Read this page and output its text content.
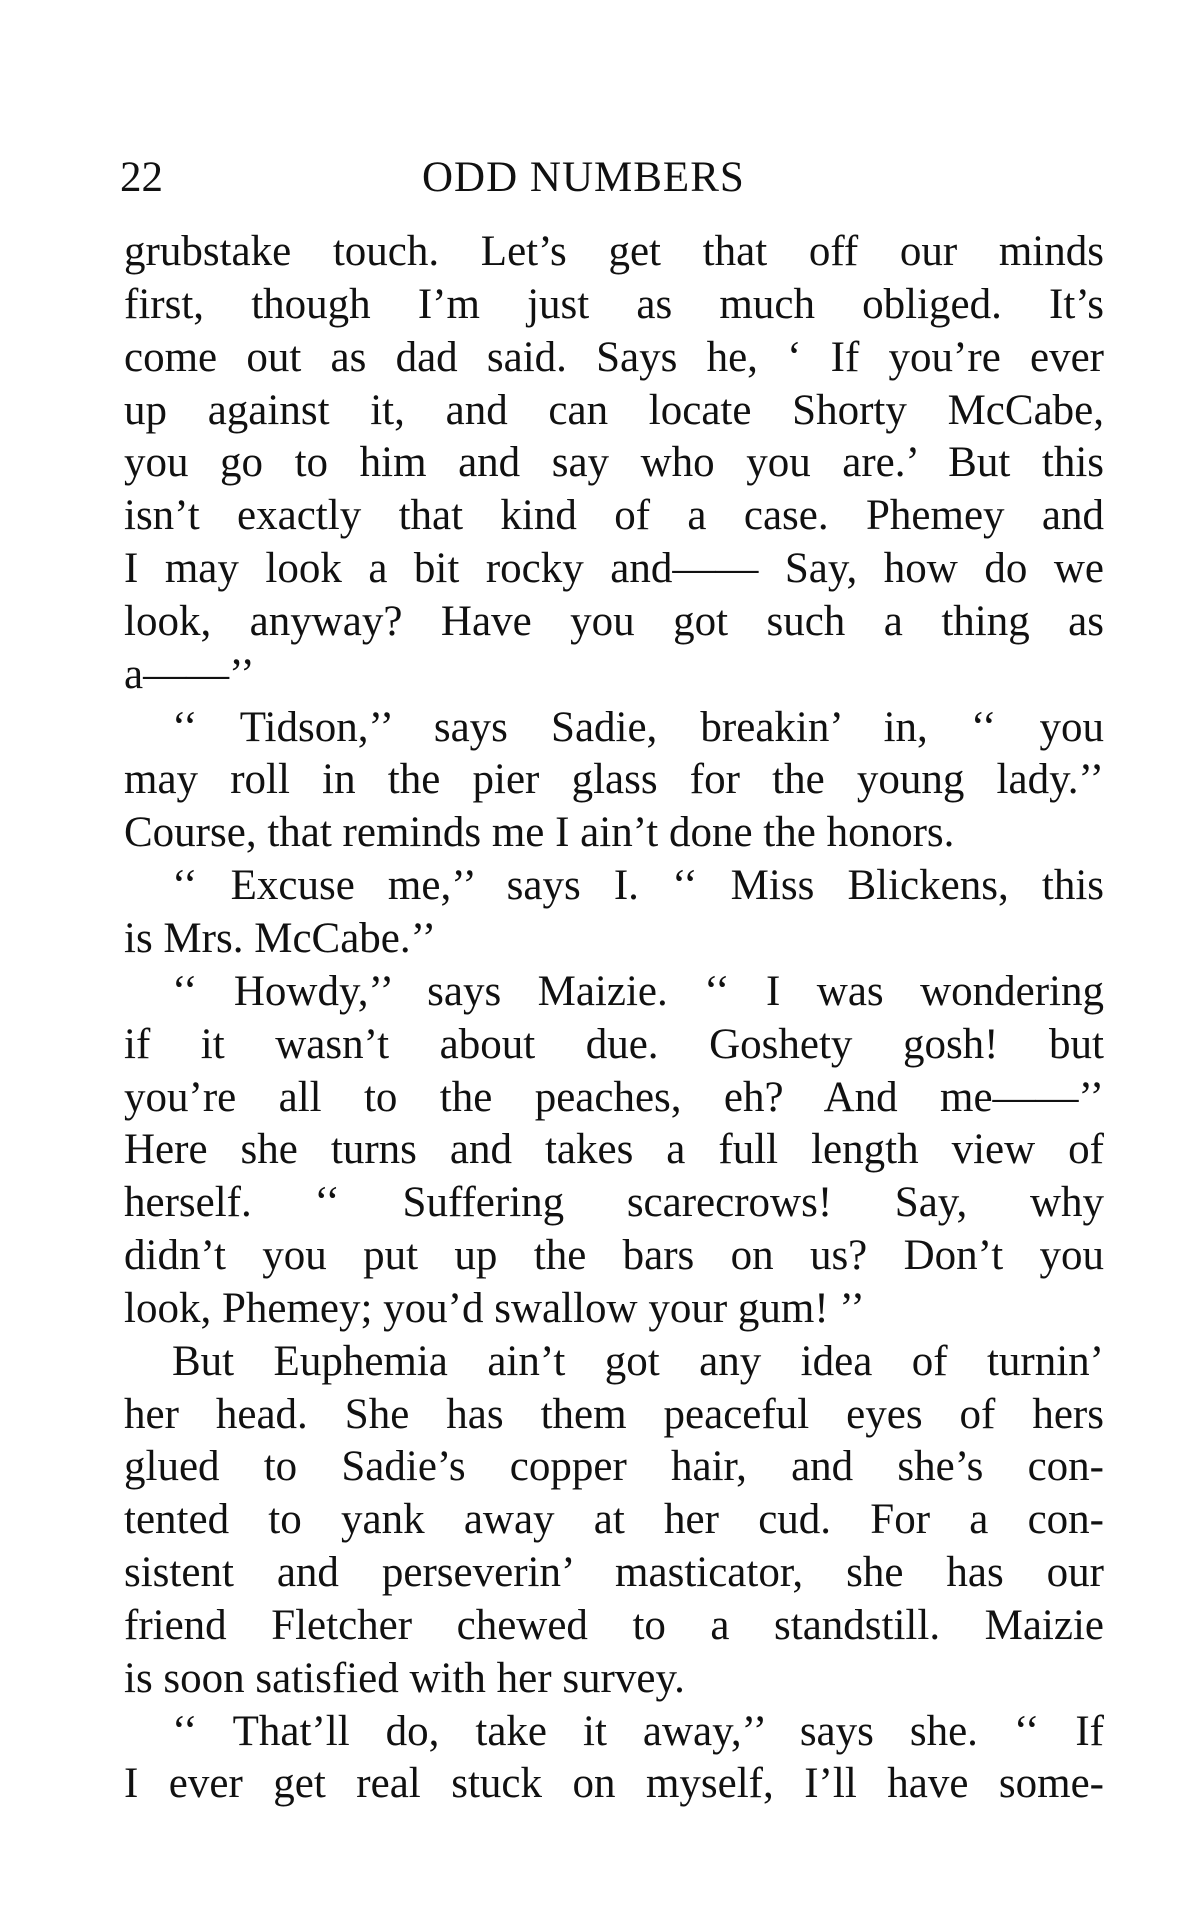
22	ODD NUMBERS
grubstake touch. Let’s get that off our minds
first, though I’m just as much obliged. It’s
come out as dad said. Says he, ‘ If you’re ever
up against it, and can locate Shorty McCabe,
you go to him and say who you are.’ But this
isn’t exactly that kind of a case. Phemey and
I may look a bit rocky and—— Say, how do we
look, anyway? Have you got such a thing as
a——’’
‘‘ Tidson,’’ says Sadie, breakin’ in, ‘‘ you
may roll in the pier glass for the young lady.’’
Course, that reminds me I ain’t done the honors.
‘‘ Excuse me,’’ says I. ‘‘ Miss Blickens, this
is Mrs. McCabe.’’
‘‘ Howdy,’’ says Maizie. ‘‘ I was wondering
if it wasn’t about due. Goshety gosh! but
you’re all to the peaches, eh? And me——’’
Here she turns and takes a full length view of
herself. ‘‘ Suffering scarecrows! Say, why
didn’t you put up the bars on us? Don’t you
look, Phemey; you’d swallow your gum! ’’
But Euphemia ain’t got any idea of turnin’
her head. She has them peaceful eyes of hers
glued to Sadie’s copper hair, and she’s con-
tented to yank away at her cud. For a con-
sistent and perseverin’ masticator, she has our
friend Fletcher chewed to a standstill. Maizie
is soon satisfied with her survey.
‘‘ That’ll do, take it away,’’ says she. ‘‘ If
I ever get real stuck on myself, I’ll have some-
